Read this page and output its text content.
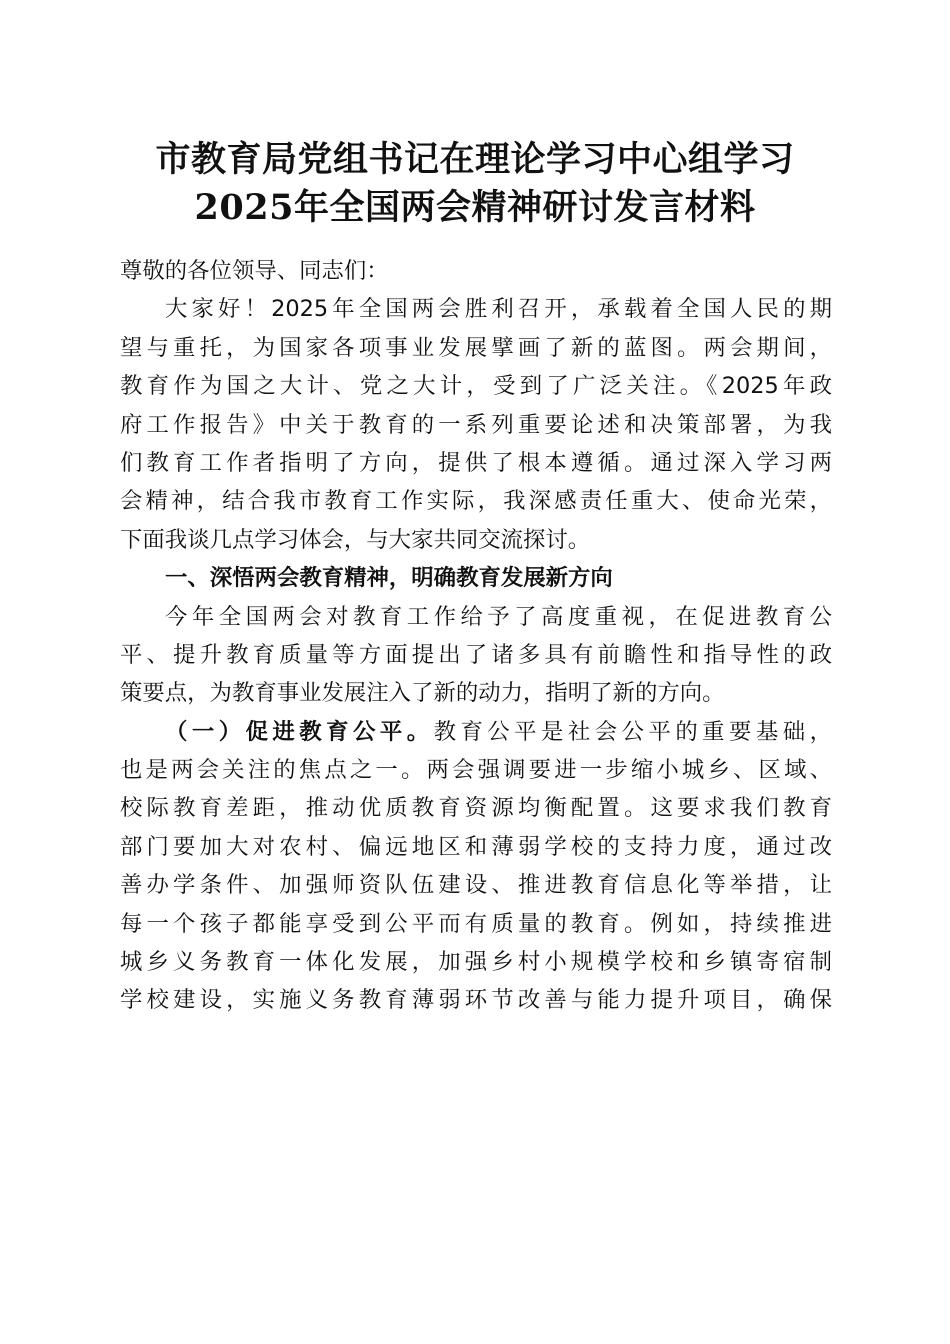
市教育局党组书记在理论学习中心组学习
2025年全国两会精神研讨发言材料
尊敬的各位领导、同志们：
大家好！2025年全国两会胜利召开，承载着全国人民的期
望与重托，为国家各项事业发展擘画了新的蓝图。两会期间，
教育作为国之大计、党之大计，受到了广泛关注。《2025年政
府工作报告》中关于教育的一系列重要论述和决策部署，为我
们教育工作者指明了方向，提供了根本遵循。通过深入学习两
会精神，结合我市教育工作实际，我深感责任重大、使命光荣，
下面我谈几点学习体会，与大家共同交流探讨。
一、深悟两会教育精神，明确教育发展新方向
今年全国两会对教育工作给予了高度重视，在促进教育公
平、提升教育质量等方面提出了诸多具有前瞻性和指导性的政
策要点，为教育事业发展注入了新的动力，指明了新的方向。
（一）促进教育公平。教育公平是社会公平的重要基础，
也是两会关注的焦点之一。两会强调要进一步缩小城乡、区域、
校际教育差距，推动优质教育资源均衡配置。这要求我们教育
部门要加大对农村、偏远地区和薄弱学校的支持力度，通过改
善办学条件、加强师资队伍建设、推进教育信息化等举措，让
每一个孩子都能享受到公平而有质量的教育。例如，持续推进
城乡义务教育一体化发展，加强乡村小规模学校和乡镇寄宿制
学校建设，实施义务教育薄弱环节改善与能力提升项目，确保
